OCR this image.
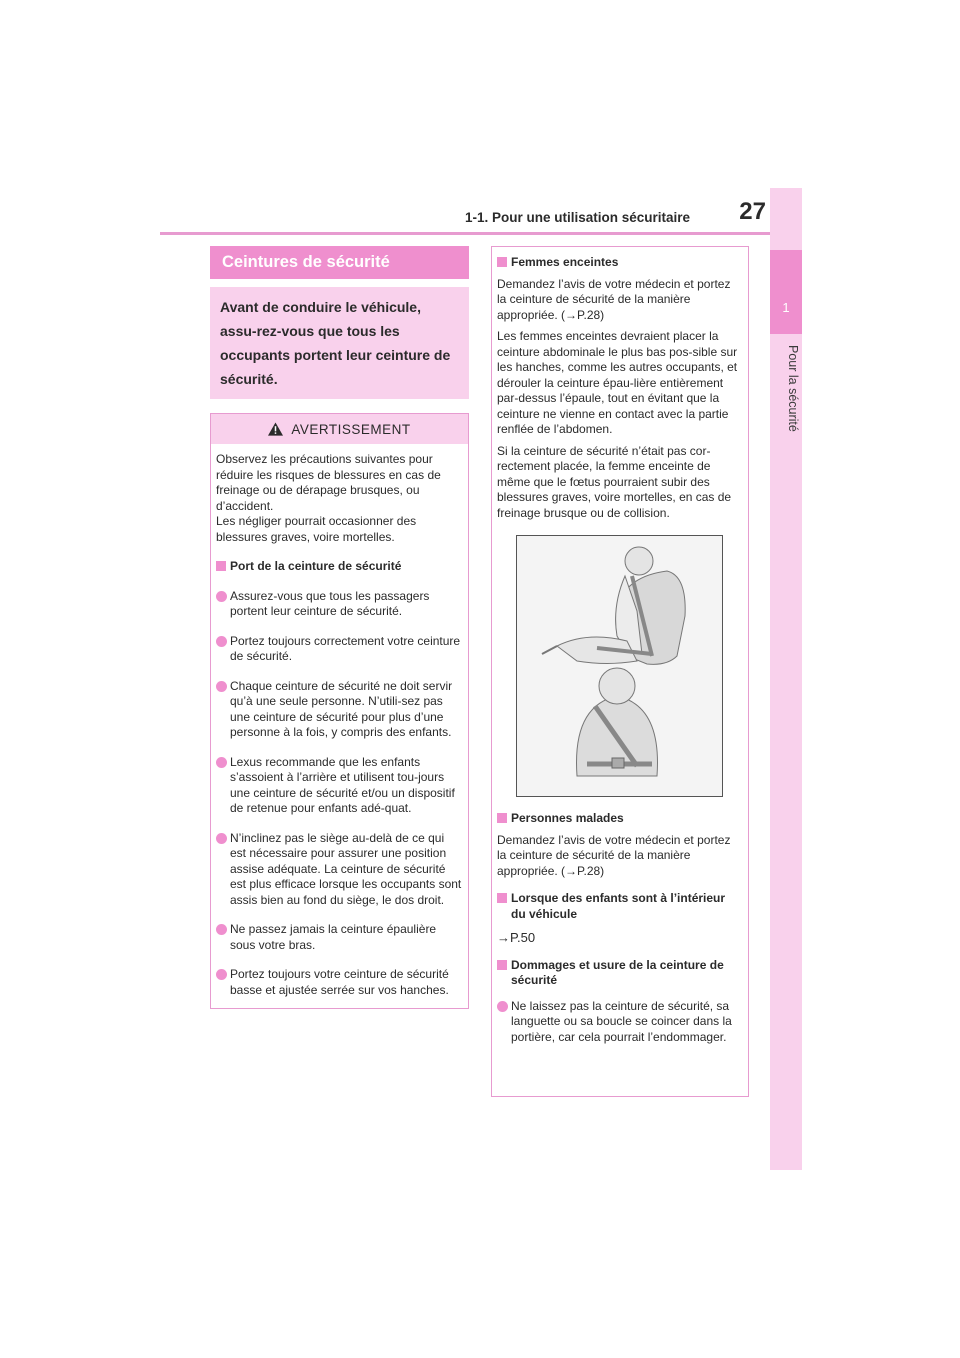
1-1. Pour une utilisation sécuritaire	27
1
Pour la sécurité
Ceintures de sécurité
Avant de conduire le véhicule, assu-rez-vous que tous les occupants portent leur ceinture de sécurité.
AVERTISSEMENT

Observez les précautions suivantes pour réduire les risques de blessures en cas de freinage ou de dérapage brusques, ou d’accident.

Les négliger pourrait occasionner des blessures graves, voire mortelles.

Port de la ceinture de sécurité
Assurez-vous que tous les passagers portent leur ceinture de sécurité.
Portez toujours correctement votre ceinture de sécurité.
Chaque ceinture de sécurité ne doit servir qu’à une seule personne. N’utili-sez pas une ceinture de sécurité pour plus d’une personne à la fois, y compris des enfants.
Lexus recommande que les enfants s’assoient à l’arrière et utilisent tou-jours une ceinture de sécurité et/ou un dispositif de retenue pour enfants adé-quat.
N’inclinez pas le siège au-delà de ce qui est nécessaire pour assurer une position assise adéquate. La ceinture de sécurité est plus efficace lorsque les occupants sont assis bien au fond du siège, le dos droit.
Ne passez jamais la ceinture épaulière sous votre bras.
Portez toujours votre ceinture de sécurité basse et ajustée serrée sur vos hanches.
Femmes enceintes

Demandez l’avis de votre médecin et portez la ceinture de sécurité de la manière appropriée. (→P.28)

Les femmes enceintes devraient placer la ceinture abdominale le plus bas pos-sible sur les hanches, comme les autres occupants, et dérouler la ceinture épau-lière entièrement par-dessus l’épaule, tout en évitant que la ceinture ne vienne en contact avec la partie renflée de l’abdomen.

Si la ceinture de sécurité n’était pas cor-rectement placée, la femme enceinte de même que le fœtus pourraient subir des blessures graves, voire mortelles, en cas de freinage brusque ou de collision.

Personnes malades

Demandez l’avis de votre médecin et portez la ceinture de sécurité de la manière appropriée. (→P.28)

Lorsque des enfants sont à l’intérieur du véhicule
→P.50
Dommages et usure de la ceinture de sécurité
Ne laissez pas la ceinture de sécurité, sa languette ou sa boucle se coincer dans la portière, car cela pourrait l’endommager.
